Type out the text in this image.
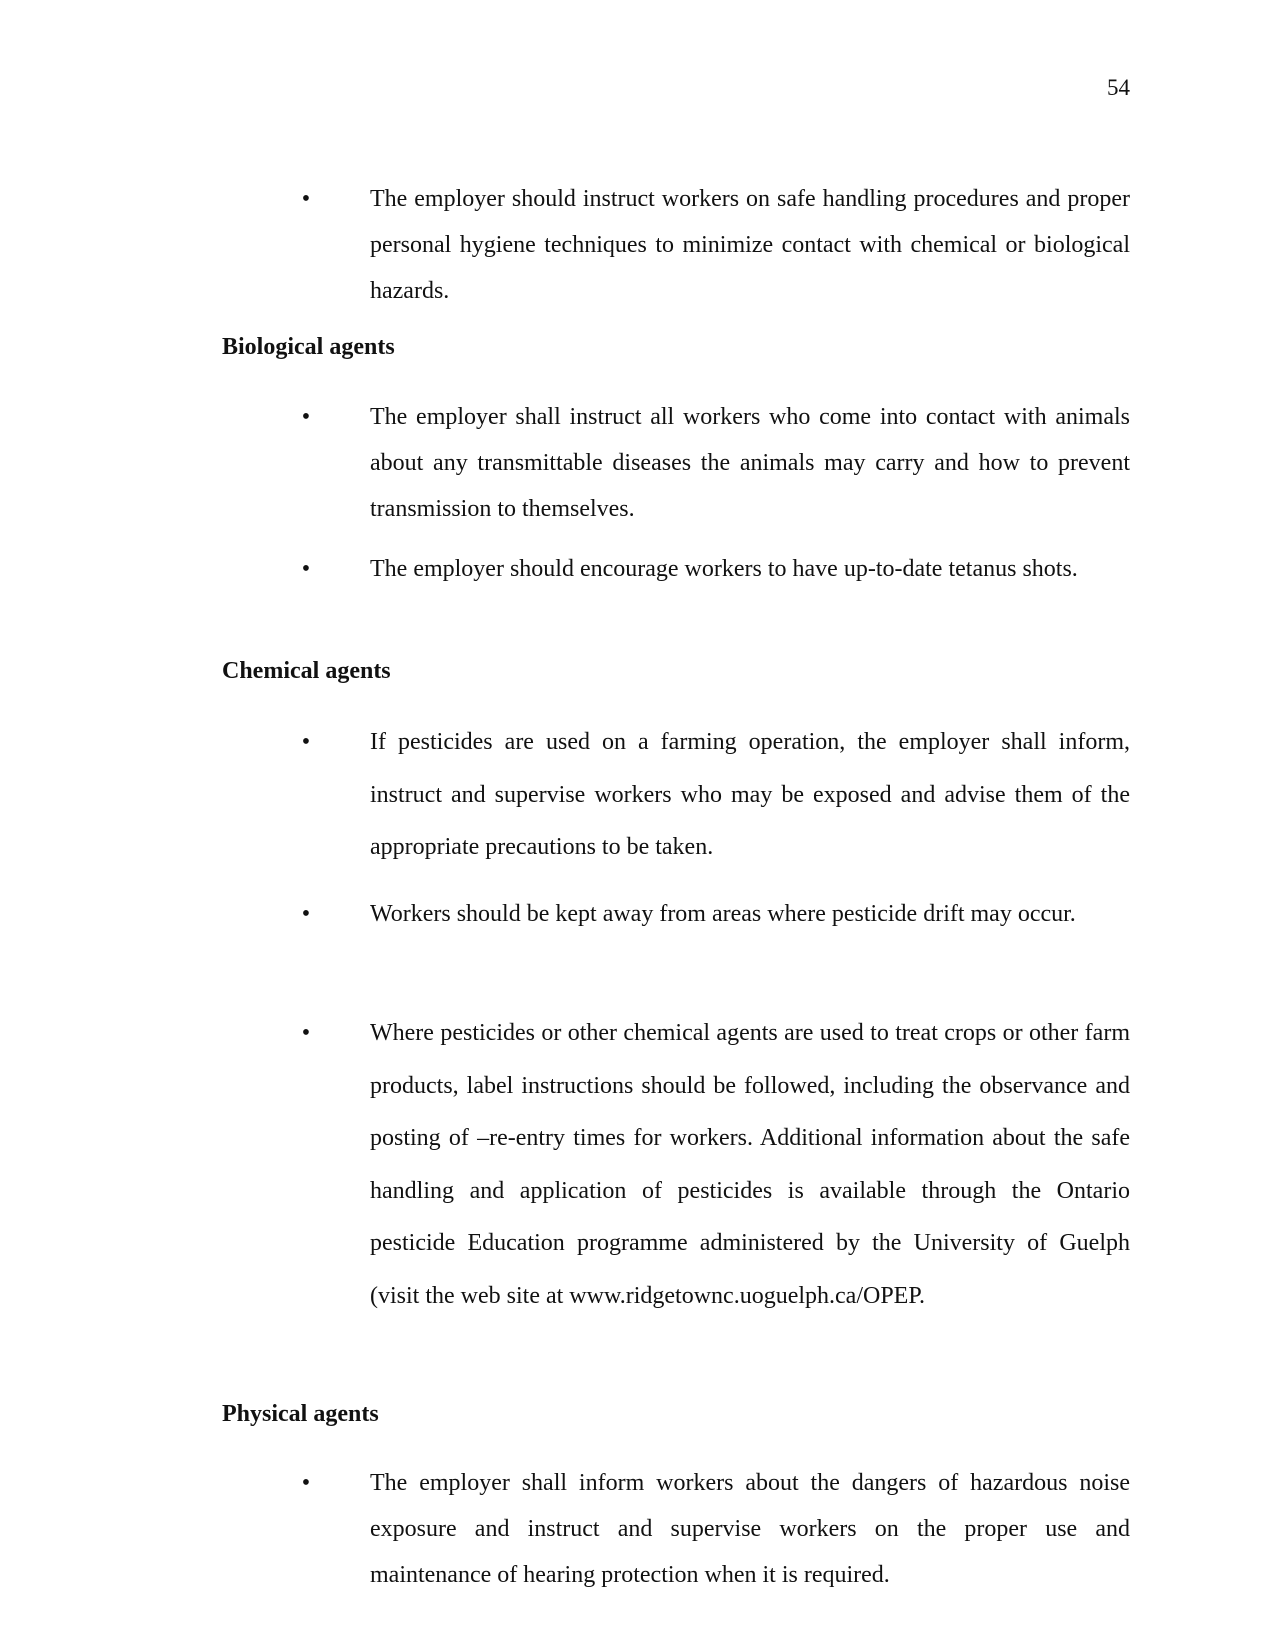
54
• The employer should instruct workers on safe handling procedures and proper personal hygiene techniques to minimize contact with chemical or biological hazards.

Biological agents
• The employer shall instruct all workers who come into contact with animals about any transmittable diseases the animals may carry and how to prevent transmission to themselves.

• The employer should encourage workers to have up-to-date tetanus shots.

Chemical agents
• If pesticides are used on a farming operation, the employer shall inform, instruct and supervise workers who may be exposed and advise them of the appropriate precautions to be taken.

• Workers should be kept away from areas where pesticide drift may occur.

• Where pesticides or other chemical agents are used to treat crops or other farm products, label instructions should be followed, including the observance and posting of –re-entry times for workers. Additional information about the safe handling and application of pesticides is available through the Ontario pesticide Education programme administered by the University of Guelph (visit the web site at www.ridgetownc.uoguelph.ca/OPEP.

Physical agents
• The employer shall inform workers about the dangers of hazardous noise exposure and instruct and supervise workers on the proper use and maintenance of hearing protection when it is required.
